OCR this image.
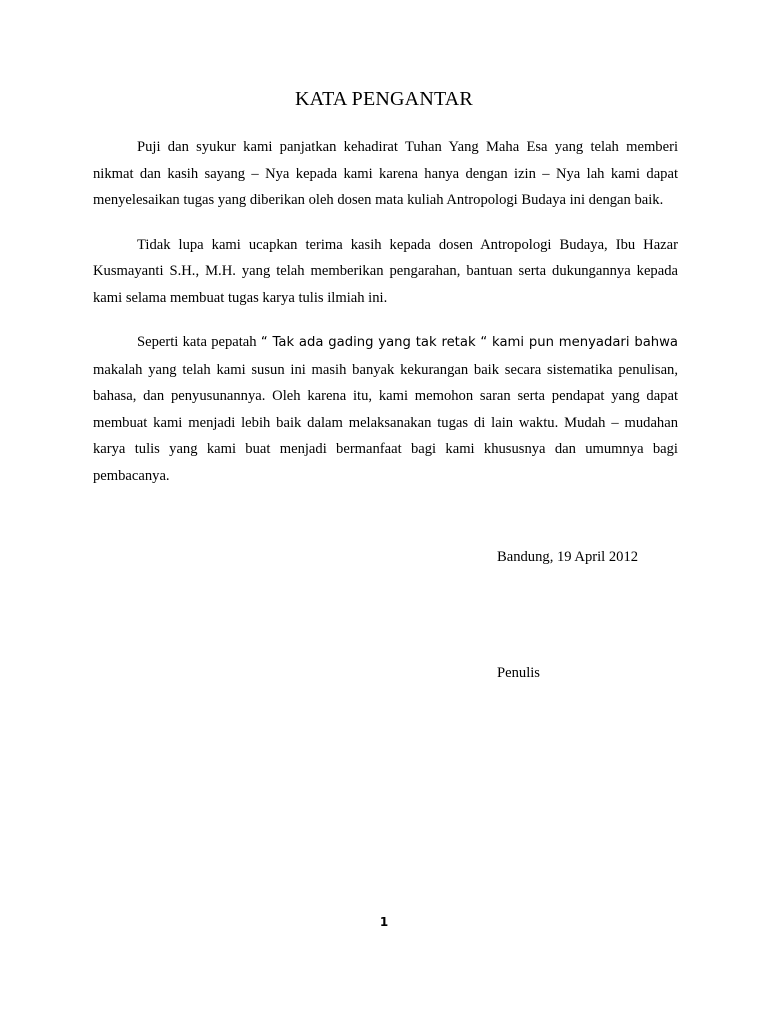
KATA PENGANTAR

Puji dan syukur kami panjatkan kehadirat Tuhan Yang Maha Esa yang telah memberi nikmat dan kasih sayang – Nya kepada kami karena hanya dengan izin – Nya lah kami dapat menyelesaikan tugas yang diberikan oleh dosen mata kuliah Antropologi Budaya ini dengan baik.

Tidak lupa kami ucapkan terima kasih kepada dosen Antropologi Budaya, Ibu Hazar Kusmayanti S.H., M.H. yang telah memberikan pengarahan, bantuan serta dukungannya kepada kami selama membuat tugas karya tulis ilmiah ini.

Seperti kata pepatah “ Tak ada gading yang tak retak “ kami pun menyadari bahwa makalah yang telah kami susun ini masih banyak kekurangan baik secara sistematika penulisan, bahasa, dan penyusunannya. Oleh karena itu, kami memohon saran serta pendapat yang dapat membuat kami menjadi lebih baik dalam melaksanakan tugas di lain waktu. Mudah – mudahan karya tulis yang kami buat menjadi bermanfaat bagi kami khususnya dan umumnya bagi pembacanya.

Bandung, 19 April 2012
Penulis
1
